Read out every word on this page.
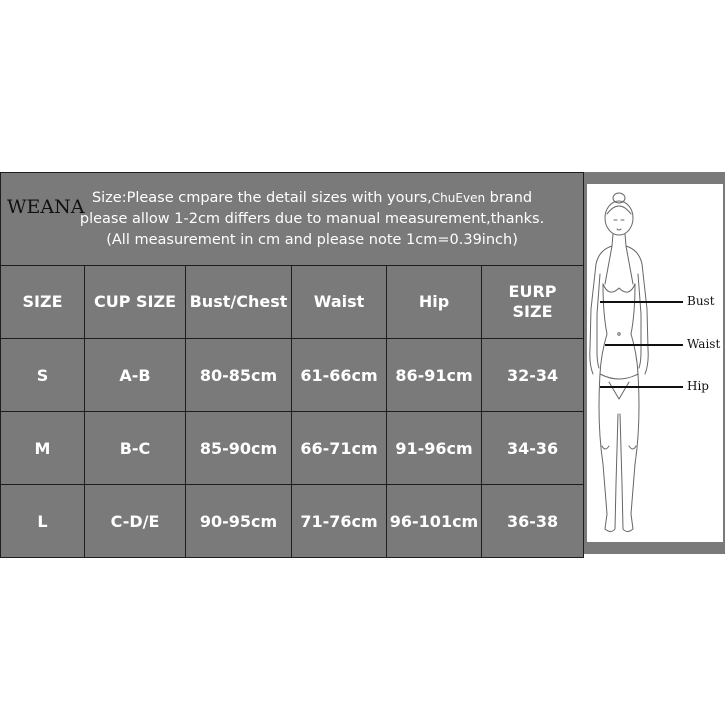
WEANA Size:Please cmpare the detail sizes with yours,ChuEven brand
please allow 1-2cm differs due to manual measurement,thanks.
(All measurement in cm and please note 1cm=0.39inch)					

SIZE	CUP SIZE	Bust/Chest	Waist	Hip	EURP
SIZE
S	A-B	80-85cm	61-66cm	86-91cm	32-34
M	B-C	85-90cm	66-71cm	91-96cm	34-36
L	C-D/E	90-95cm	71-76cm	96-101cm	36-38
Bust
Waist
Hip
